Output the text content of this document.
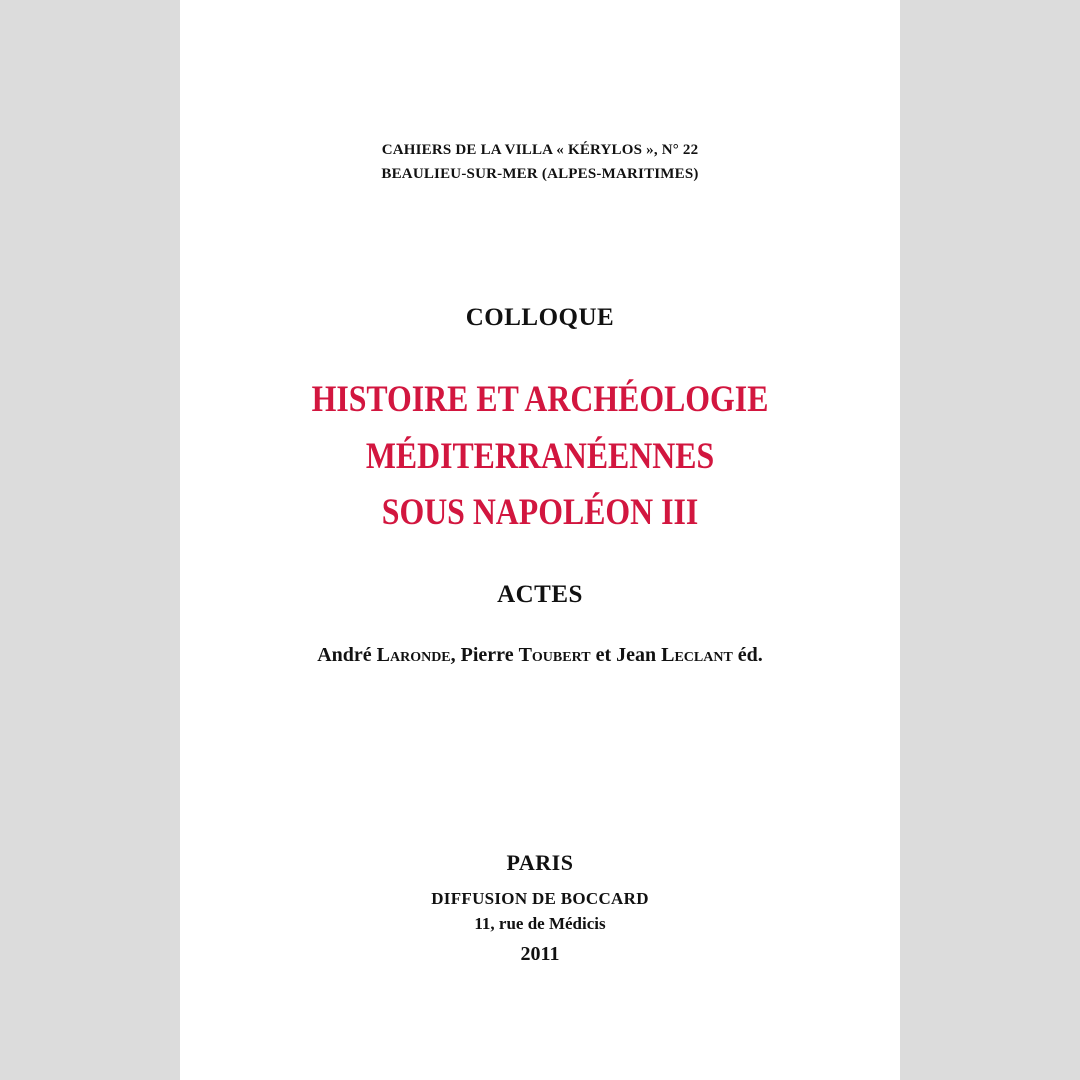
CAHIERS DE LA VILLA « KÉRYLOS », N° 22
BEAULIEU-SUR-MER (ALPES-MARITIMES)
COLLOQUE
HISTOIRE ET ARCHÉOLOGIE
MÉDITERRANÉENNES
SOUS NAPOLÉON III
ACTES
André Laronde, Pierre Toubert et Jean Leclant éd.
PARIS
DIFFUSION DE BOCCARD
11, rue de Médicis
2011
